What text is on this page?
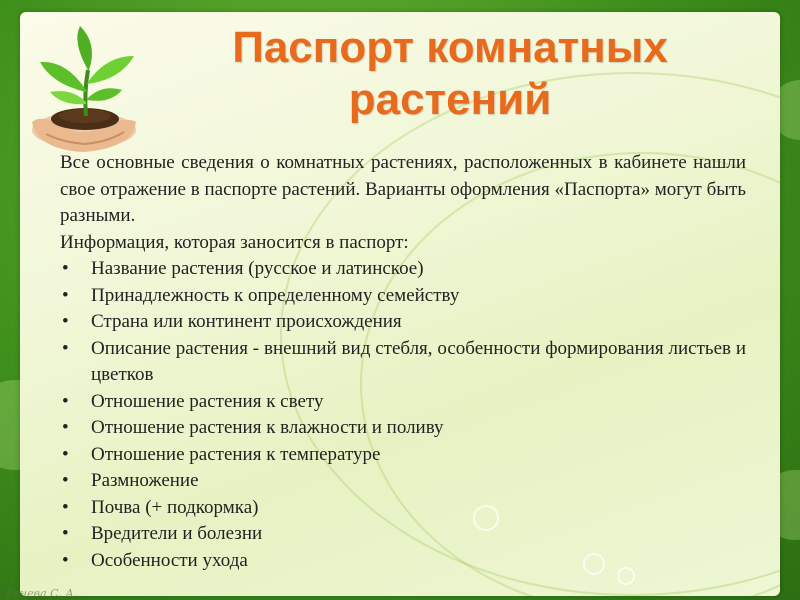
Паспорт комнатных растений

Все основные сведения о комнатных растениях, расположенных в кабинете нашли свое отражение в паспорте растений. Варианты оформления «Паспорта» могут быть разными.

Информация, которая заносится в паспорт:

• Название растения (русское и латинское)
• Принадлежность к определенному семейству
• Страна или континент происхождения
• Описание растения - внешний вид стебля, особенности формирования листьев и цветков
• Отношение растения к свету
• Отношение растения к влажности и поливу
• Отношение растения к температуре
• Размножение
• Почва (+ подкормка)
• Вредители и болезни
• Особенности ухода
Ренева С. А.
